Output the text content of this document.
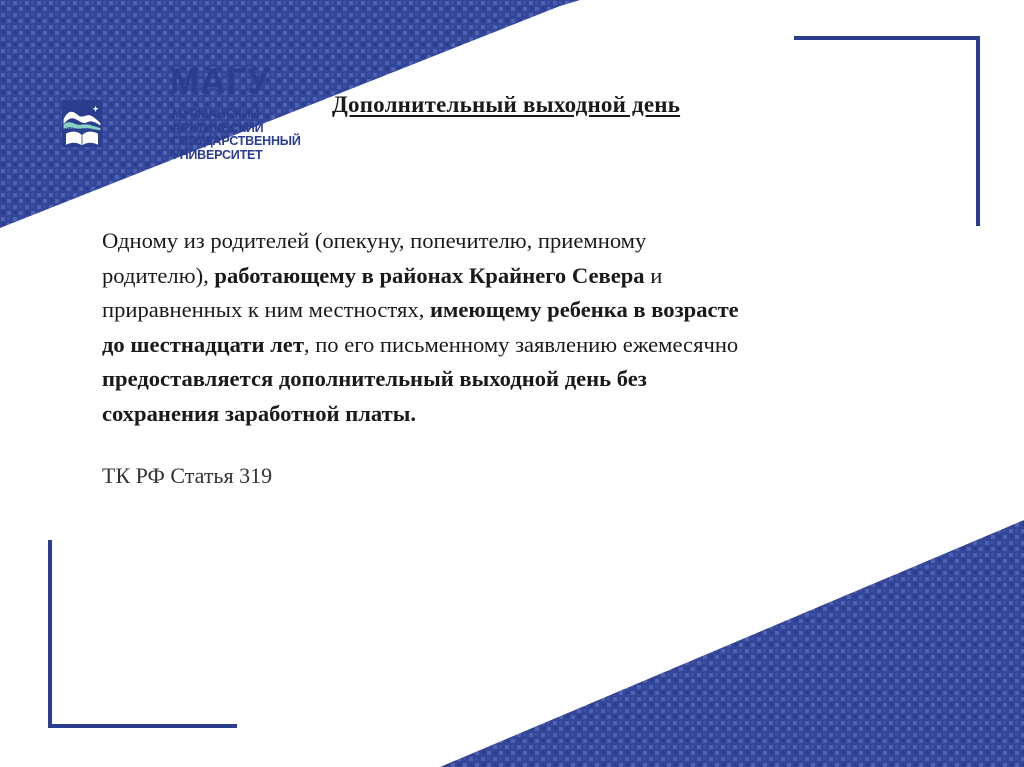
МАГУ
МУРМАНСКИЙ
АРКТИЧЕСКИЙ
ГОСУДАРСТВЕННЫЙ
УНИВЕРСИТЕТ
Дополнительный выходной день
Одному из родителей (опекуну, попечителю, приемному
родителю), работающему в районах Крайнего Севера и
приравненных к ним местностях, имеющему ребенка в возрасте
до шестнадцати лет, по его письменному заявлению ежемесячно
предоставляется дополнительный выходной день без
сохранения заработной платы.
ТК РФ Статья 319
